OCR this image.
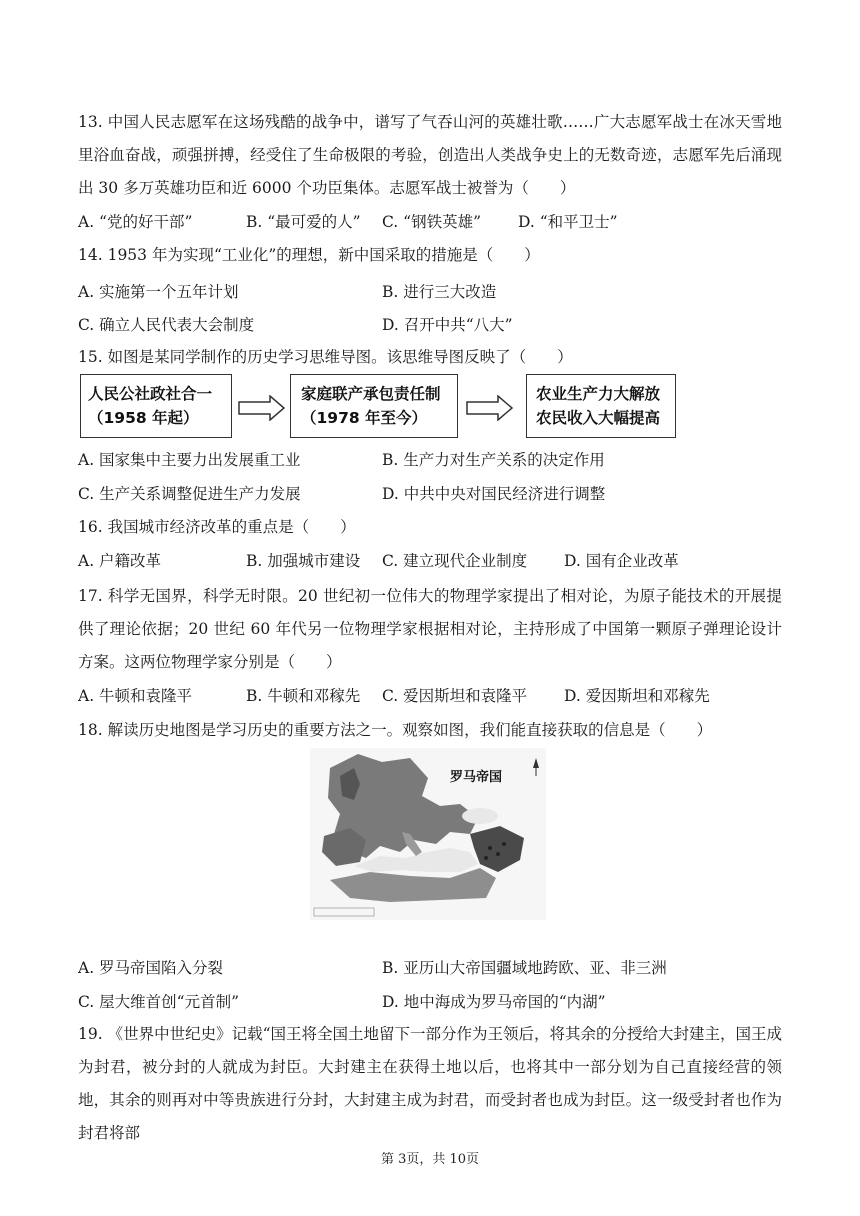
13. 中国人民志愿军在这场残酷的战争中，谱写了气吞山河的英雄壮歌……广大志愿军战士在冰天雪地里浴血奋战，顽强拼搏，经受住了生命极限的考验，创造出人类战争史上的无数奇迹，志愿军先后涌现出 30 多万英雄功臣和近 6000 个功臣集体。志愿军战士被誉为（　　）
A. “党的好干部”	B. “最可爱的人” C. “钢铁英雄” D. “和平卫士”
14. 1953 年为实现“工业化”的理想，新中国采取的措施是（　　）
A. 实施第一个五年计划	B. 进行三大改造
C. 确立人民代表大会制度	D. 召开中共“八大”
15. 如图是某同学制作的历史学习思维导图。该思维导图反映了（　　）
人民公社政社合一
（1958 年起）
家庭联产承包责任制
（1978 年至今）
农业生产力大解放
农民收入大幅提高
A. 国家集中主要力出发展重工业	B. 生产力对生产关系的决定作用
C. 生产关系调整促进生产力发展	D. 中共中央对国民经济进行调整
16. 我国城市经济改革的重点是（　　）
A. 户籍改革	B. 加强城市建设 C. 建立现代企业制度 D. 国有企业改革
17. 科学无国界，科学无时限。20 世纪初一位伟大的物理学家提出了相对论，为原子能技术的开展提供了理论依据；20 世纪 60 年代另一位物理学家根据相对论，主持形成了中国第一颗原子弹理论设计方案。这两位物理学家分别是（　　）
A. 牛顿和袁隆平	B. 牛顿和邓稼先 C. 爱因斯坦和袁隆平 D. 爱因斯坦和邓稼先
18. 解读历史地图是学习历史的重要方法之一。观察如图，我们能直接获取的信息是（　　）
罗马帝国
A. 罗马帝国陷入分裂	B. 亚历山大帝国疆域地跨欧、亚、非三洲
C. 屋大维首创“元首制”	D. 地中海成为罗马帝国的“内湖”
19. 《世界中世纪史》记载“国王将全国土地留下一部分作为王领后，将其余的分授给大封建主，国王成为封君，被分封的人就成为封臣。大封建主在获得土地以后，也将其中一部分划为自己直接经营的领地，其余的则再对中等贵族进行分封，大封建主成为封君，而受封者也成为封臣。这一级受封者也作为封君将部
第 3页，共 10页
